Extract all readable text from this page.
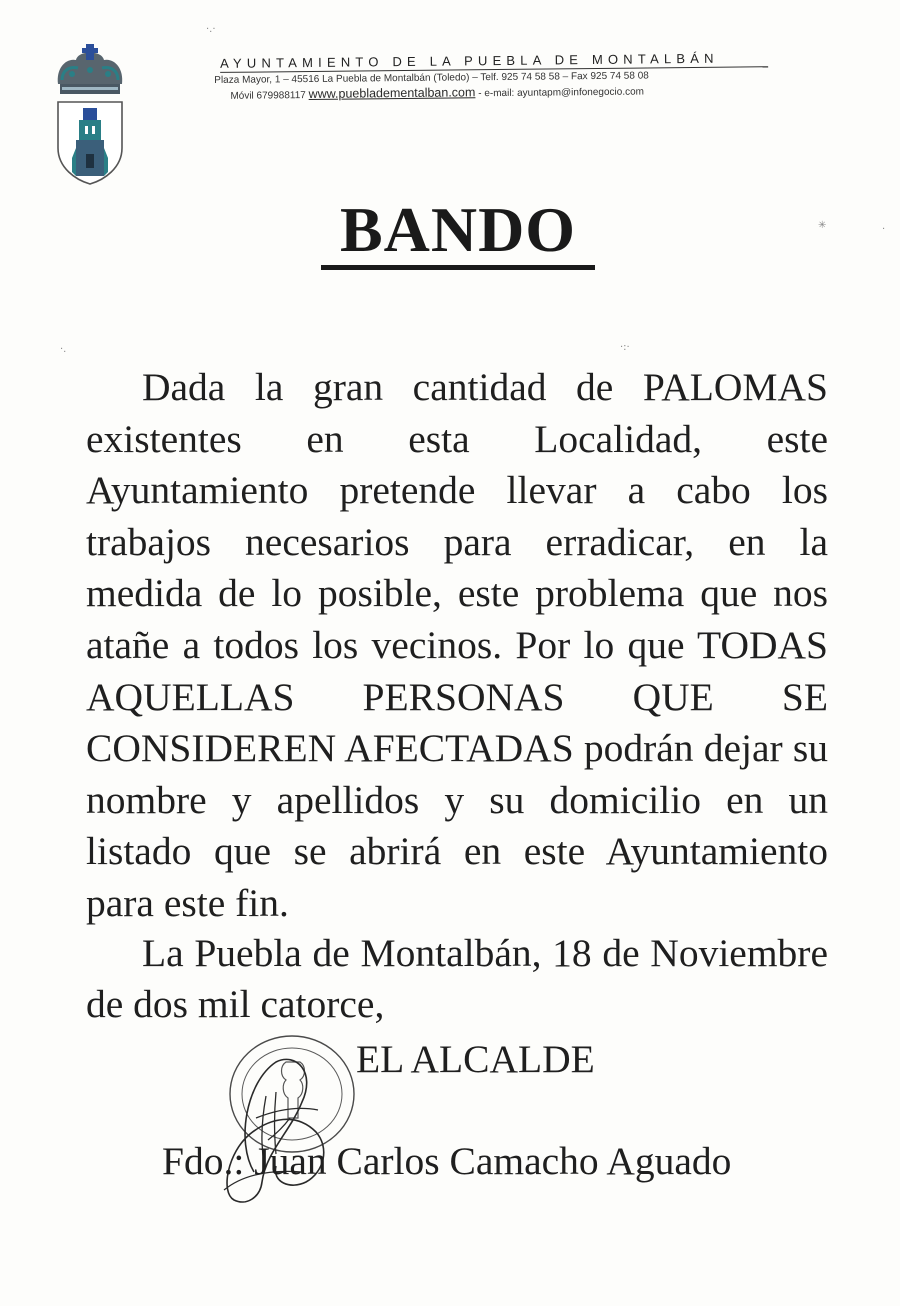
AYUNTAMIENTO DE LA PUEBLA DE MONTALBÁN
Plaza Mayor, 1 – 45516 La Puebla de Montalbán (Toledo) – Telf. 925 74 58 58 – Fax 925 74 58 08
Móvil 679988117 www.puebladementalban.com - e-mail: ayuntapm@infonegocio.com
BANDO

Dada la gran cantidad de PALOMAS existentes en esta Localidad, este Ayuntamiento pretende llevar a cabo los trabajos necesarios para erradicar, en la medida de lo posible, este problema que nos atañe a todos los vecinos. Por lo que TODAS AQUELLAS PERSONAS QUE SE CONSIDEREN AFECTADAS podrán dejar su nombre y apellidos y su domicilio en un listado que se abrirá en este Ayuntamiento para este fin.

La Puebla de Montalbán, 18 de Noviembre de dos mil catorce,

EL ALCALDE

Fdo.: Juan Carlos Camacho Aguado

·.·
✳	·
·.	·:·
